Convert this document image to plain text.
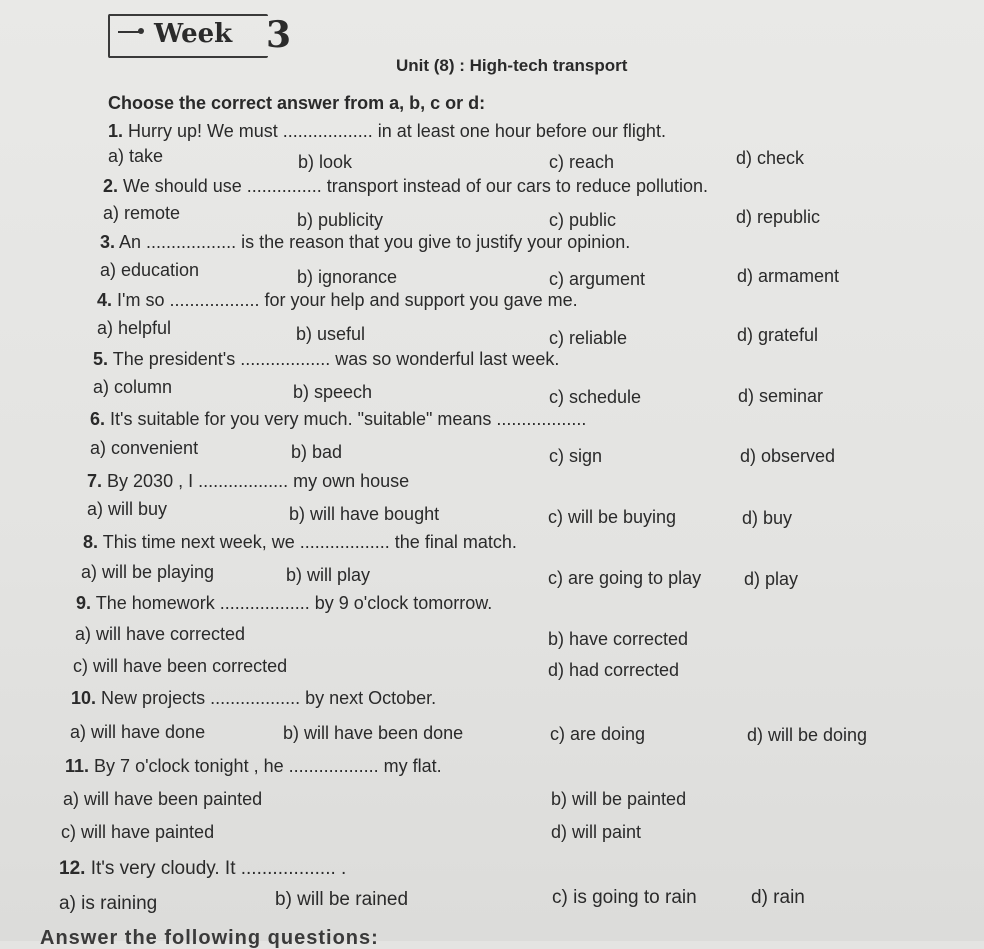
Week 3
Unit (8) : High-tech transport
Choose the correct answer from a, b, c or d:
1. Hurry up! We must .................. in at least one hour before our flight.
a) take	b) look	c) reach	d) check
2. We should use ............... transport instead of our cars to reduce pollution.
a) remote	b) publicity	c) public	d) republic
3. An .................. is the reason that you give to justify your opinion.
a) education	b) ignorance	c) argument	d) armament
4. I'm so .................. for your help and support you gave me.
a) helpful	b) useful	c) reliable	d) grateful
5. The president's .................. was so wonderful last week.
a) column	b) speech	c) schedule	d) seminar
6. It's suitable for you very much. "suitable" means ..................
a) convenient	b) bad	c) sign	d) observed
7. By 2030 , I .................. my own house
a) will buy	b) will have bought	c) will be buying	d) buy
8. This time next week, we .................. the final match.
a) will be playing	b) will play	c) are going to play d) play
9. The homework .................. by 9 o'clock tomorrow.
a) will have corrected	b) have corrected
c) will have been corrected	d) had corrected
10. New projects .................. by next October.
a) will have done	b) will have been done	c) are doing	d) will be doing
11. By 7 o'clock tonight , he .................. my flat.
a) will have been painted	b) will be painted
c) will have painted	d) will paint
12. It's very cloudy. It .................. .
a) is raining	b) will be rained	c) is going to rain	d) rain
Answer the following questions:
